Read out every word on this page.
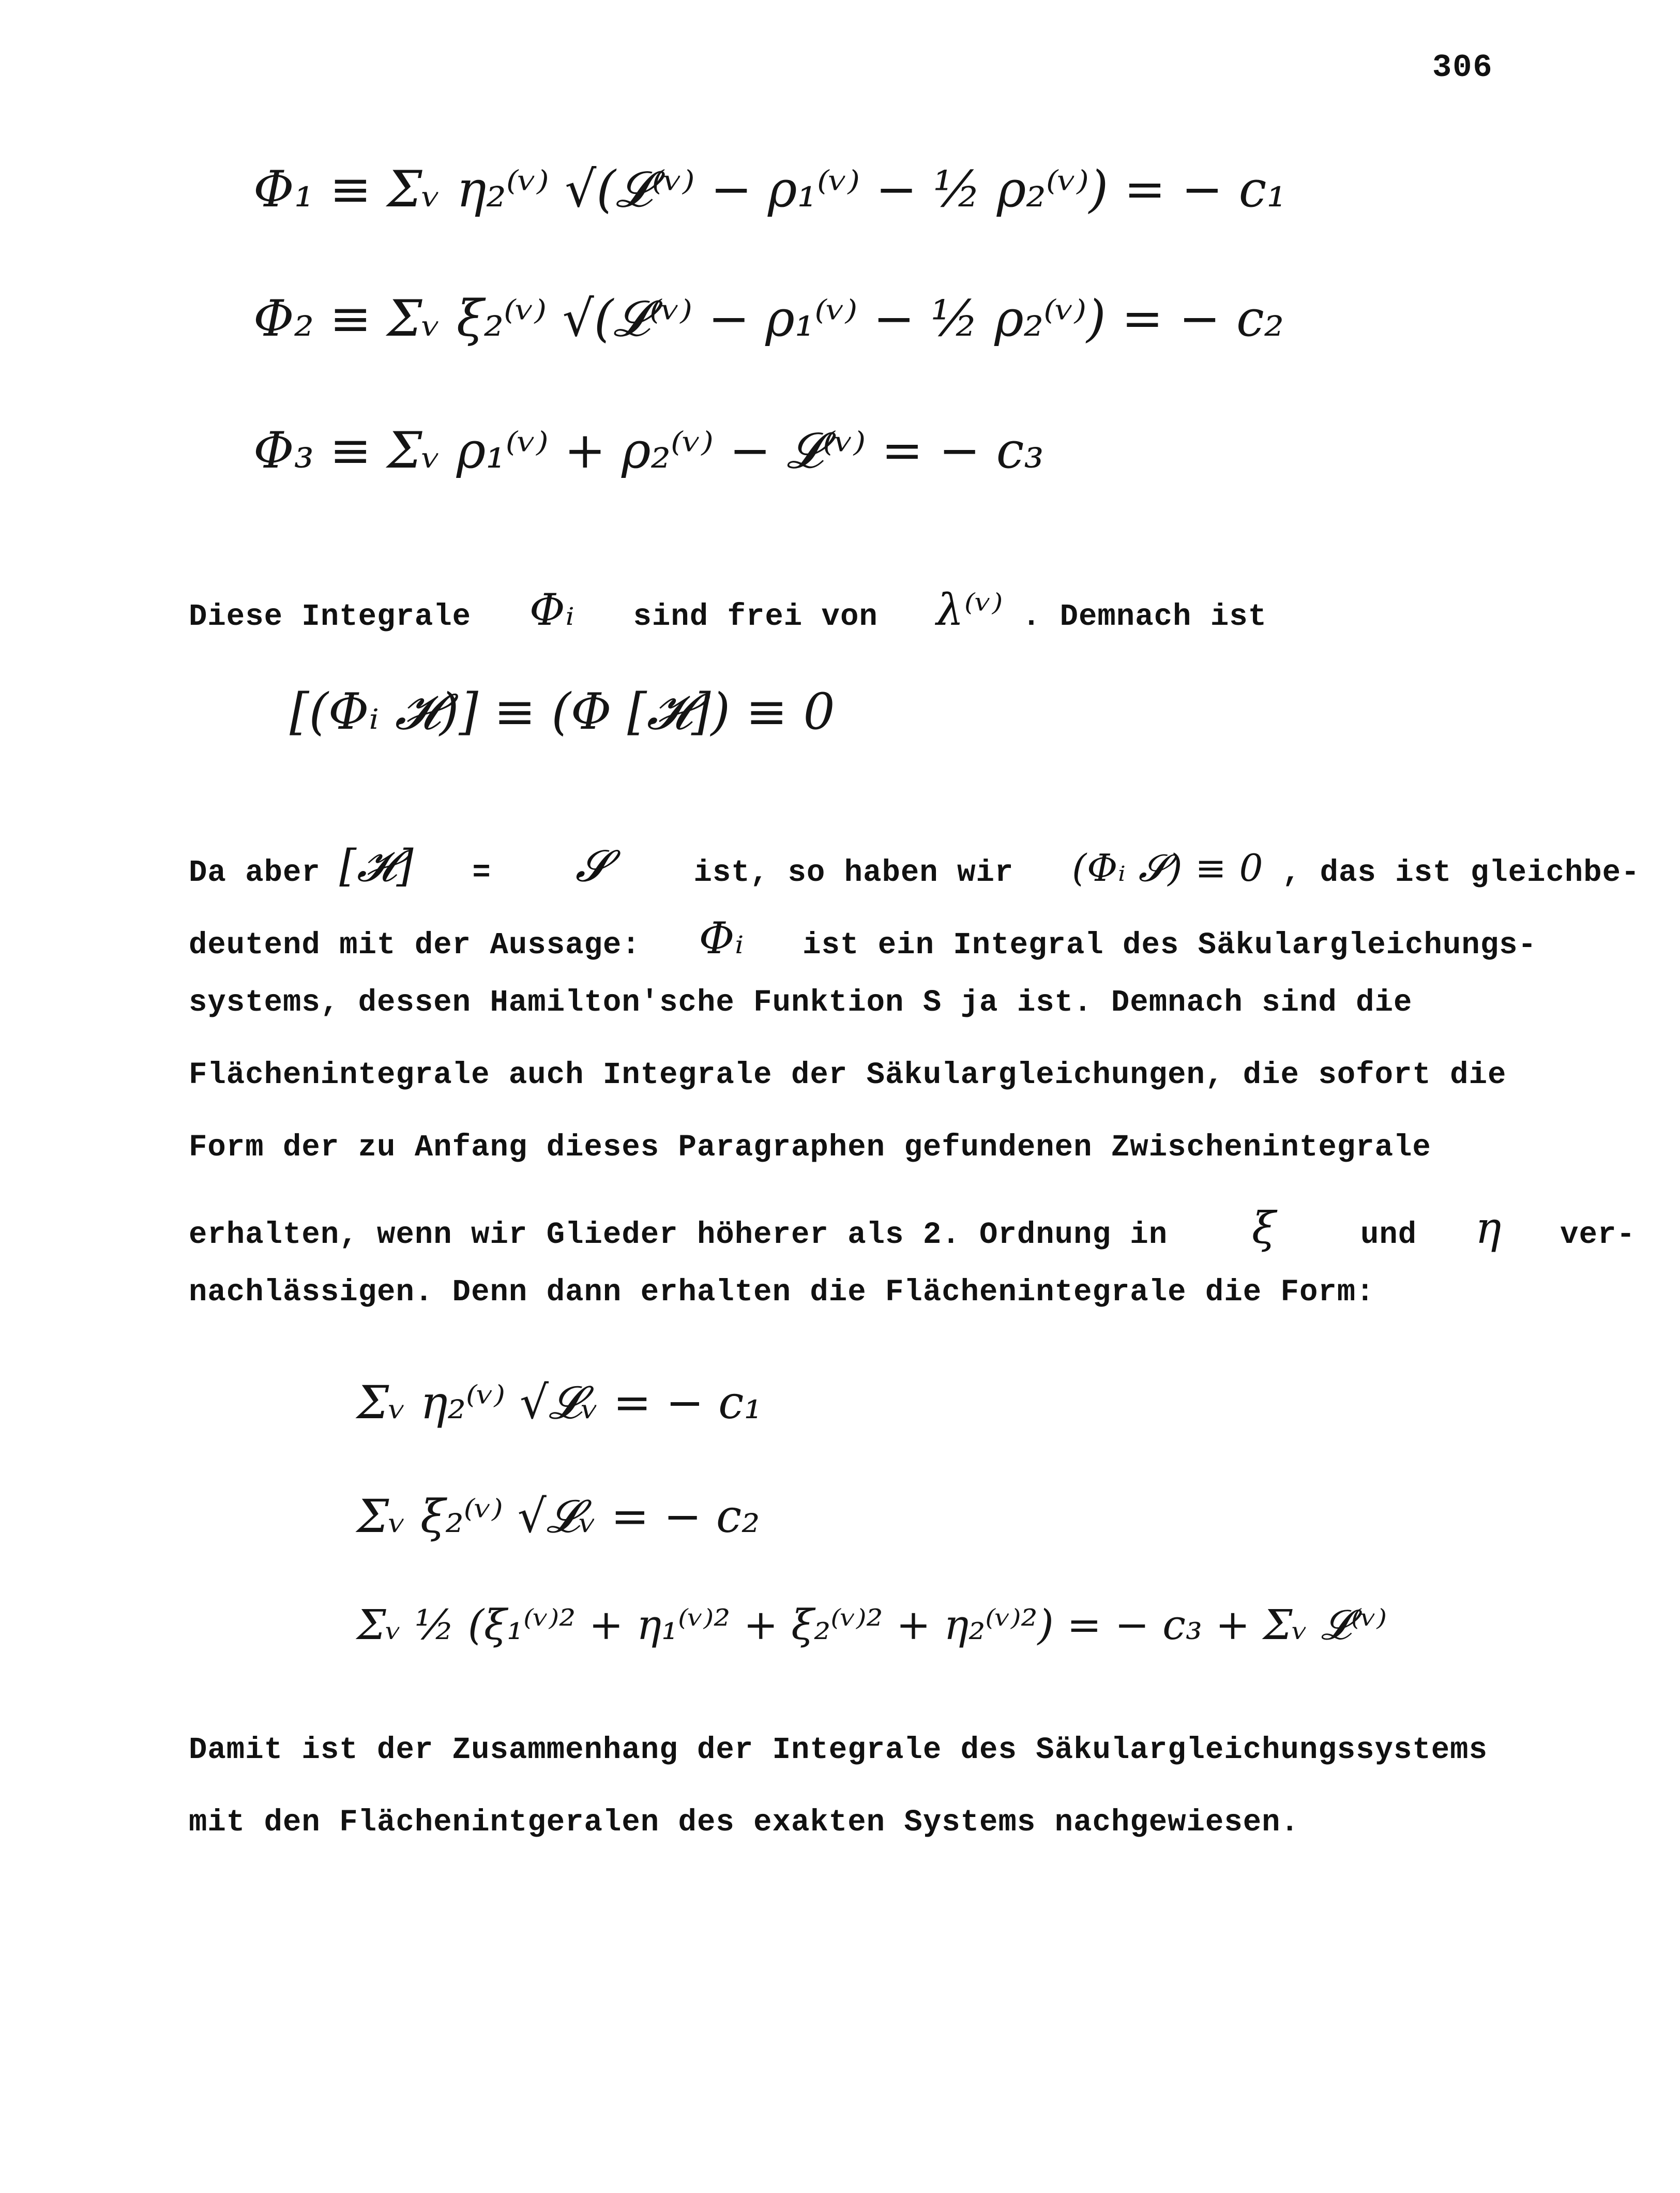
306
Φ₁ ≡ Σᵥ η₂⁽ᵛ⁾ √(𝓛⁽ᵛ⁾ − ρ₁⁽ᵛ⁾ − ½ ρ₂⁽ᵛ⁾) = − c₁
Φ₂ ≡ Σᵥ ξ₂⁽ᵛ⁾ √(𝓛⁽ᵛ⁾ − ρ₁⁽ᵛ⁾ − ½ ρ₂⁽ᵛ⁾) = − c₂
Φ₃ ≡ Σᵥ ρ₁⁽ᵛ⁾ + ρ₂⁽ᵛ⁾ − 𝓛⁽ᵛ⁾ = − c₃
Diese Integrale Φᵢ sind frei von λ⁽ᵛ⁾ . Demnach ist
[(Φᵢ 𝓗)] ≡ (Φ [𝓗]) ≡ 0
Da aber [𝓗] = 𝓢	ist, so haben wir (Φᵢ 𝓢) ≡ 0 , das ist gleichbe-
deutend mit der Aussage: Φᵢ ist ein Integral des Säkulargleichungs-
systems, dessen Hamilton'sche Funktion S ja ist. Demnach sind die
Flächenintegrale auch Integrale der Säkulargleichungen, die sofort die
Form der zu Anfang dieses Paragraphen gefundenen Zwischenintegrale
erhalten, wenn wir Glieder höherer als 2. Ordnung in ξ	und η ver-
nachlässigen. Denn dann erhalten die Flächenintegrale die Form:
Σᵥ η₂⁽ᵛ⁾ √𝓛ᵥ = − c₁
Σᵥ ξ₂⁽ᵛ⁾ √𝓛ᵥ = − c₂
Σᵥ ½ (ξ₁⁽ᵛ⁾² + η₁⁽ᵛ⁾² + ξ₂⁽ᵛ⁾² + η₂⁽ᵛ⁾²) = − c₃ + Σᵥ 𝓛⁽ᵛ⁾
Damit ist der Zusammenhang der Integrale des Säkulargleichungssystems
mit den Flächenintgeralen des exakten Systems nachgewiesen.
